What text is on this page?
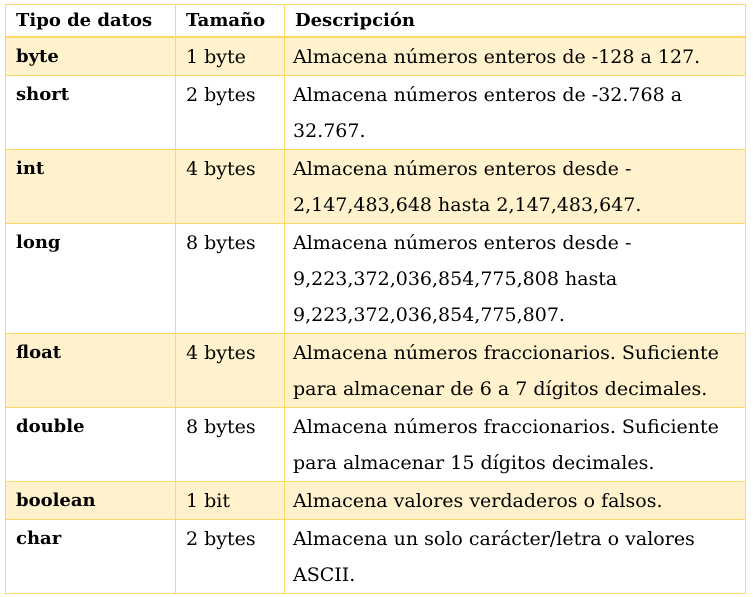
Tipo de datos	Tamaño	Descripción
byte	1 byte	Almacena números enteros de -128 a 127.
short	2 bytes	Almacena números enteros de -32.768 a 32.767.
int	4 bytes	Almacena números enteros desde - 2,147,483,648 hasta 2,147,483,647.
long	8 bytes	Almacena números enteros desde - 9,223,372,036,854,775,808 hasta 9,223,372,036,854,775,807.
float	4 bytes	Almacena números fraccionarios. Suficiente para almacenar de 6 a 7 dígitos decimales.
double	8 bytes	Almacena números fraccionarios. Suficiente para almacenar 15 dígitos decimales.
boolean	1 bit	Almacena valores verdaderos o falsos.
char	2 bytes	Almacena un solo carácter/letra o valores ASCII.
